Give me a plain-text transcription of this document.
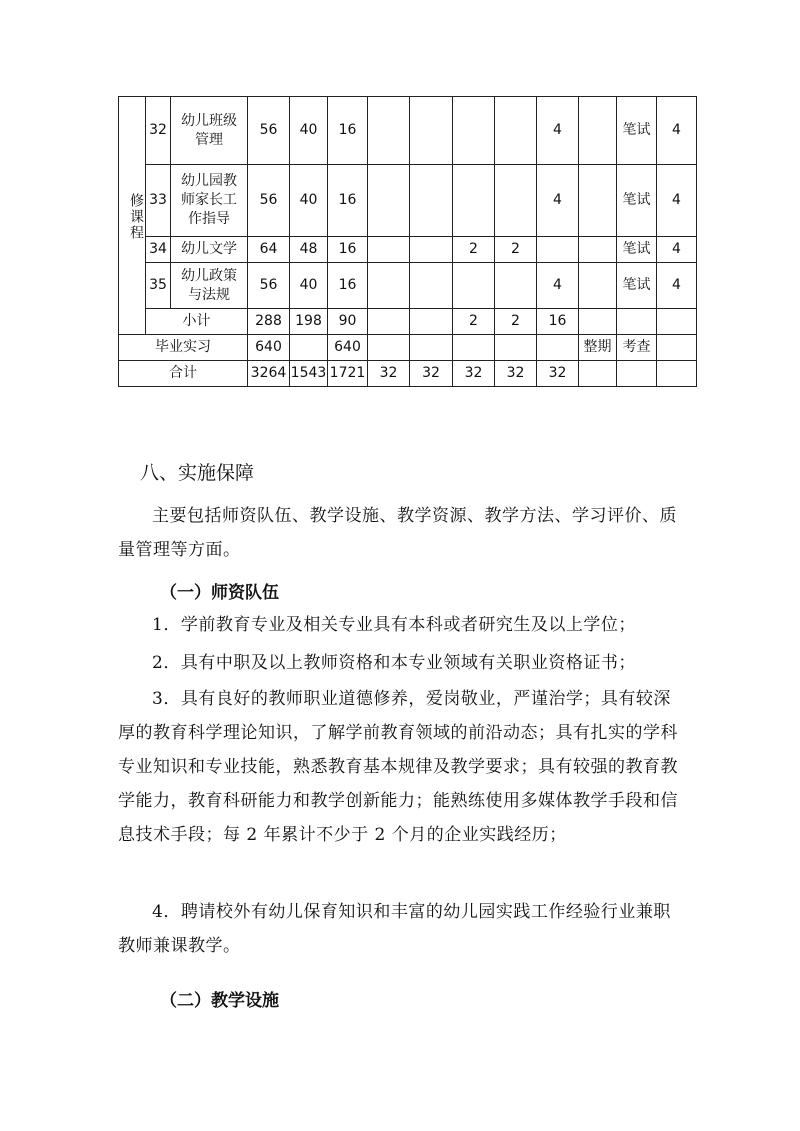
修课程	32	幼儿班级管理	56	40	16					4		笔试	4
	33	幼儿园教师家长工作指导	56	40	16					4		笔试	4
	34	幼儿文学	64	48	16			2	2			笔试	4
	35	幼儿政策与法规	56	40	16					4		笔试	4
	小计		288	198	90			2	2	16			
毕业实习			640		640						整期	考查	
合计			3264	1543	1721	32	32	32	32	32			
八、实施保障
主要包括师资队伍、教学设施、教学资源、教学方法、学习评价、质量管理等方面。
（一）师资队伍
1．学前教育专业及相关专业具有本科或者研究生及以上学位；
2．具有中职及以上教师资格和本专业领域有关职业资格证书；
3．具有良好的教师职业道德修养，爱岗敬业，严谨治学；具有较深厚的教育科学理论知识，了解学前教育领域的前沿动态；具有扎实的学科专业知识和专业技能，熟悉教育基本规律及教学要求；具有较强的教育教学能力，教育科研能力和教学创新能力；能熟练使用多媒体教学手段和信息技术手段；每 2 年累计不少于 2 个月的企业实践经历；
4．聘请校外有幼儿保育知识和丰富的幼儿园实践工作经验行业兼职教师兼课教学。
（二）教学设施
